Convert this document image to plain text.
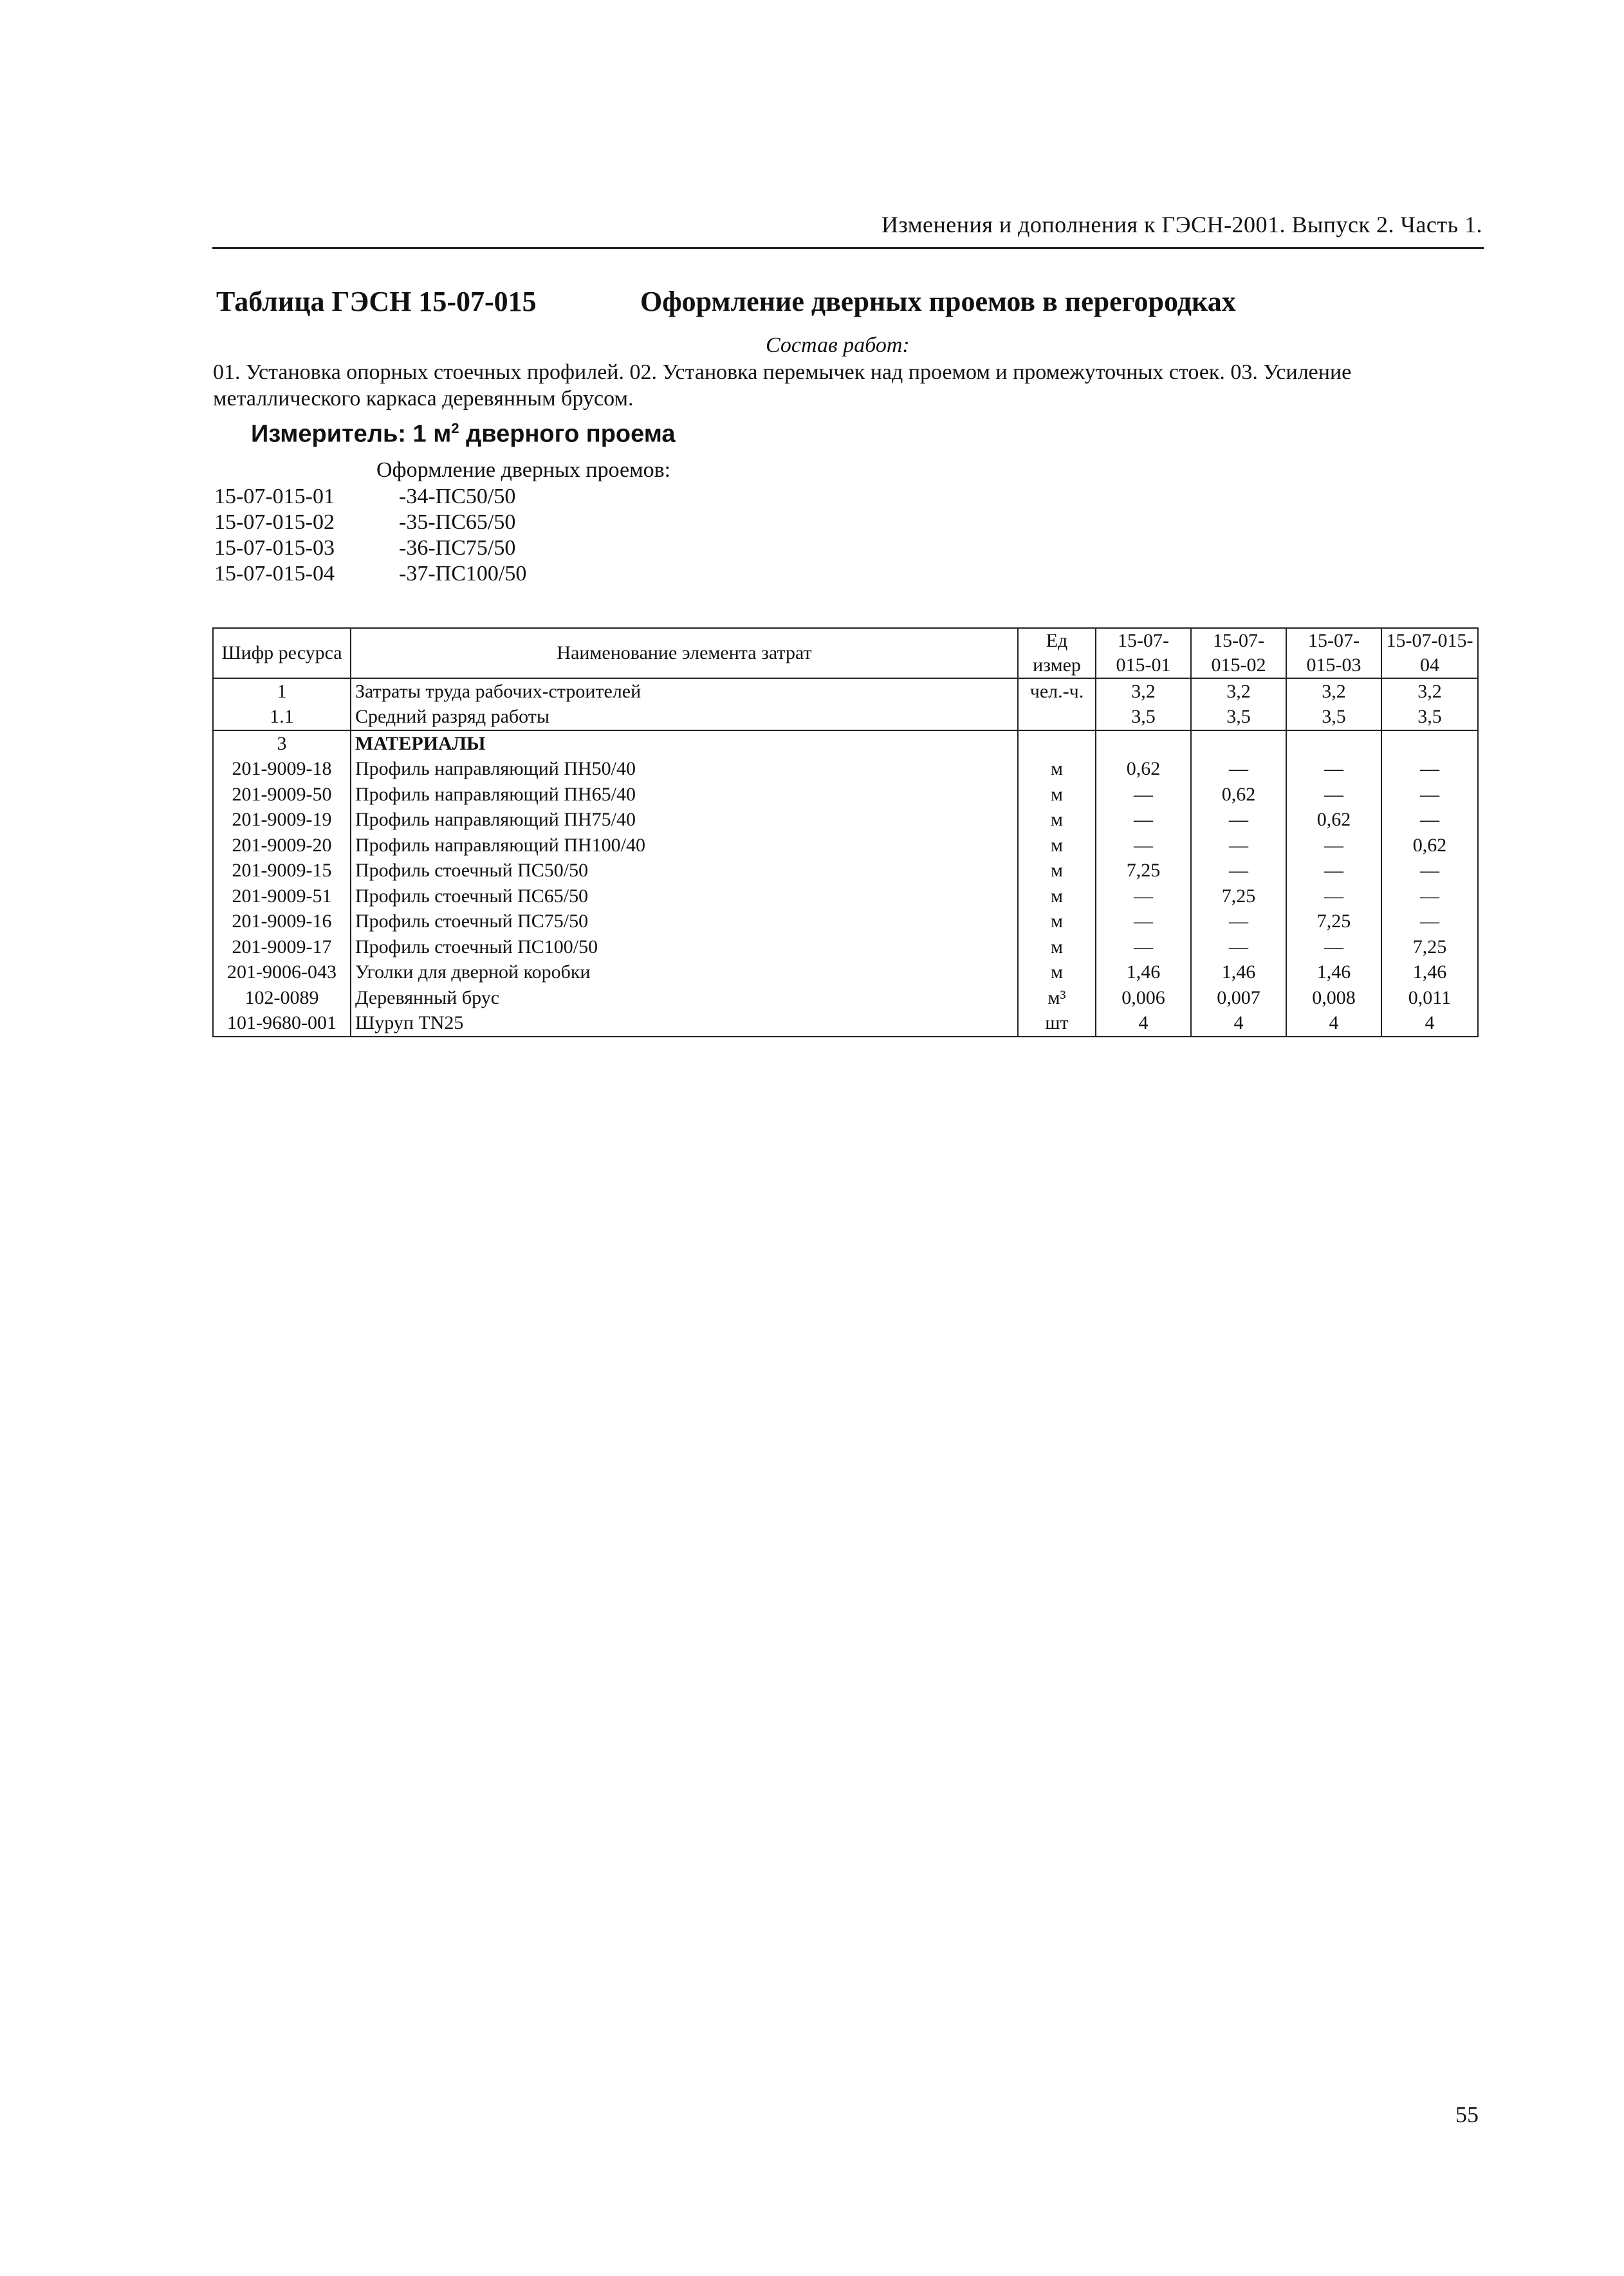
Изменения и дополнения к ГЭСН-2001. Выпуск 2. Часть 1.
Таблица ГЭСН 15-07-015	Оформление дверных проемов в перегородках
Состав работ:
01. Установка опорных стоечных профилей. 02. Установка перемычек над проемом и промежуточных стоек. 03. Усиление металлического каркаса деревянным брусом.
Измеритель: 1 $м^2$ дверного проема
Оформление дверных проемов:
15-07-015-01	-34-ПС50/50
15-07-015-02	-35-ПС65/50
15-07-015-03	-36-ПС75/50
15-07-015-04	-37-ПС100/50
Шифр ресурса	Наименование элемента затрат	Ед измер	15-07-015-01	15-07-015-02	15-07-015-03	15-07-015-04
1	Затраты труда рабочих-строителей	чел.-ч.	3,2	3,2	3,2	3,2
1.1	Средний разряд работы		3,5	3,5	3,5	3,5
3	МАТЕРИАЛЫ					
201-9009-18	Профиль направляющий ПН50/40	м	0,62	—	—	—
201-9009-50	Профиль направляющий ПН65/40	м	—	0,62	—	—
201-9009-19	Профиль направляющий ПН75/40	м	—	—	0,62	—
201-9009-20	Профиль направляющий ПН100/40	м	—	—	—	0,62
201-9009-15	Профиль стоечный ПС50/50	м	7,25	—	—	—
201-9009-51	Профиль стоечный ПС65/50	м	—	7,25	—	—
201-9009-16	Профиль стоечный ПС75/50	м	—	—	7,25	—
201-9009-17	Профиль стоечный ПС100/50	м	—	—	—	7,25
201-9006-043	Уголки для дверной коробки	м	1,46	1,46	1,46	1,46
102-0089	Деревянный брус	м³	0,006	0,007	0,008	0,011
101-9680-001	Шуруп TN25	шт	4	4	4	4
55
